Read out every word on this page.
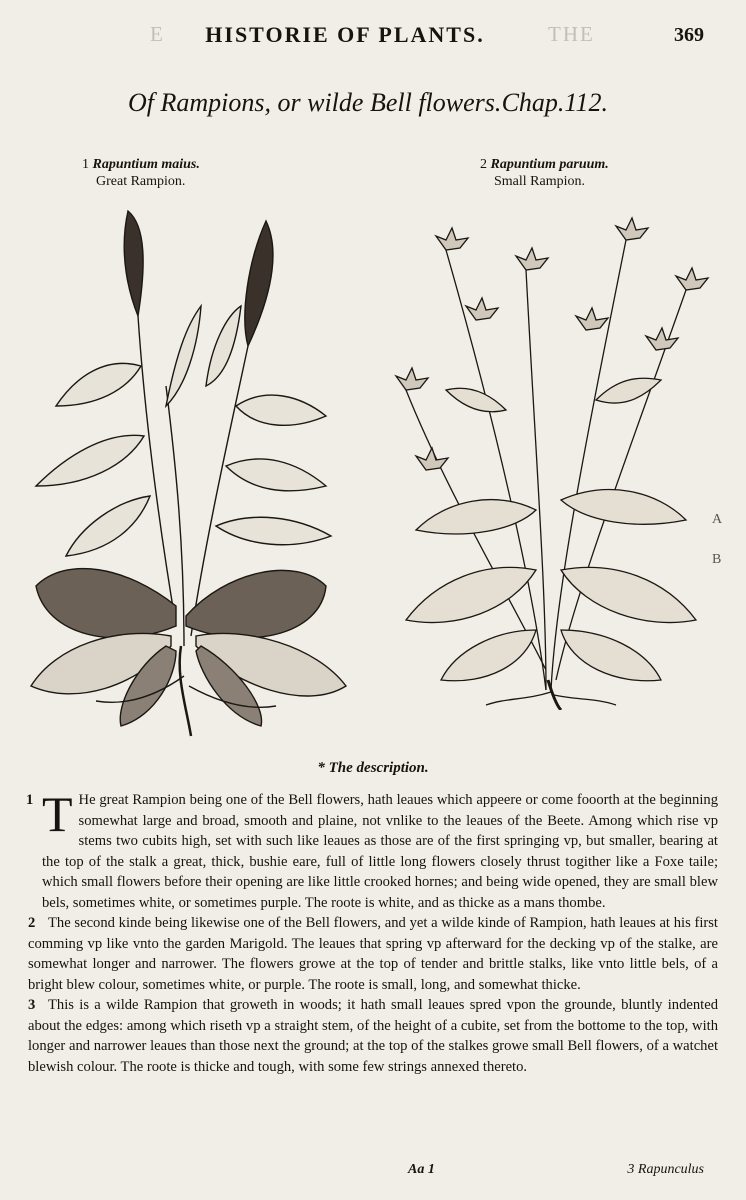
E	HISTORIE OF PLANTS.	THE	369
Of Rampions, or wilde Bell flowers. Chap.112.
1 Rapuntium maius.
Great Rampion.
2 Rapuntium paruum.
Small Rampion.
A
B
* The description.

1 T He great Rampion being one of the Bell flowers, hath leaues which appeere or come fooorth at the beginning somewhat large and broad, smooth and plaine, not vnlike to the leaues of the Beete. Among which rise vp stems two cubits high, set with such like leaues as those are of the first springing vp, but smaller, bearing at the top of the stalk a great, thick, bushie eare, full of little long flowers closely thrust togither like a Foxe taile; which small flowers before their opening are like little crooked hornes; and being wide opened, they are small blew bels, sometimes white, or sometimes purple. The roote is white, and as thicke as a mans thombe.

2 The second kinde being likewise one of the Bell flowers, and yet a wilde kinde of Rampion, hath leaues at his first comming vp like vnto the garden Marigold. The leaues that spring vp afterward for the decking vp of the stalke, are somewhat longer and narrower. The flowers growe at the top of tender and brittle stalks, like vnto little bels, of a bright blew colour, sometimes white, or purple. The roote is small, long, and somewhat thicke.

3 This is a wilde Rampion that groweth in woods; it hath small leaues spred vpon the grounde, bluntly indented about the edges: among which riseth vp a straight stem, of the height of a cubite, set from the bottome to the top, with longer and narrower leaues than those next the ground; at the top of the stalkes growe small Bell flowers, of a watchet blewish colour. The roote is thicke and tough, with some few strings annexed thereto.

Aa 1	3 Rapunculus
